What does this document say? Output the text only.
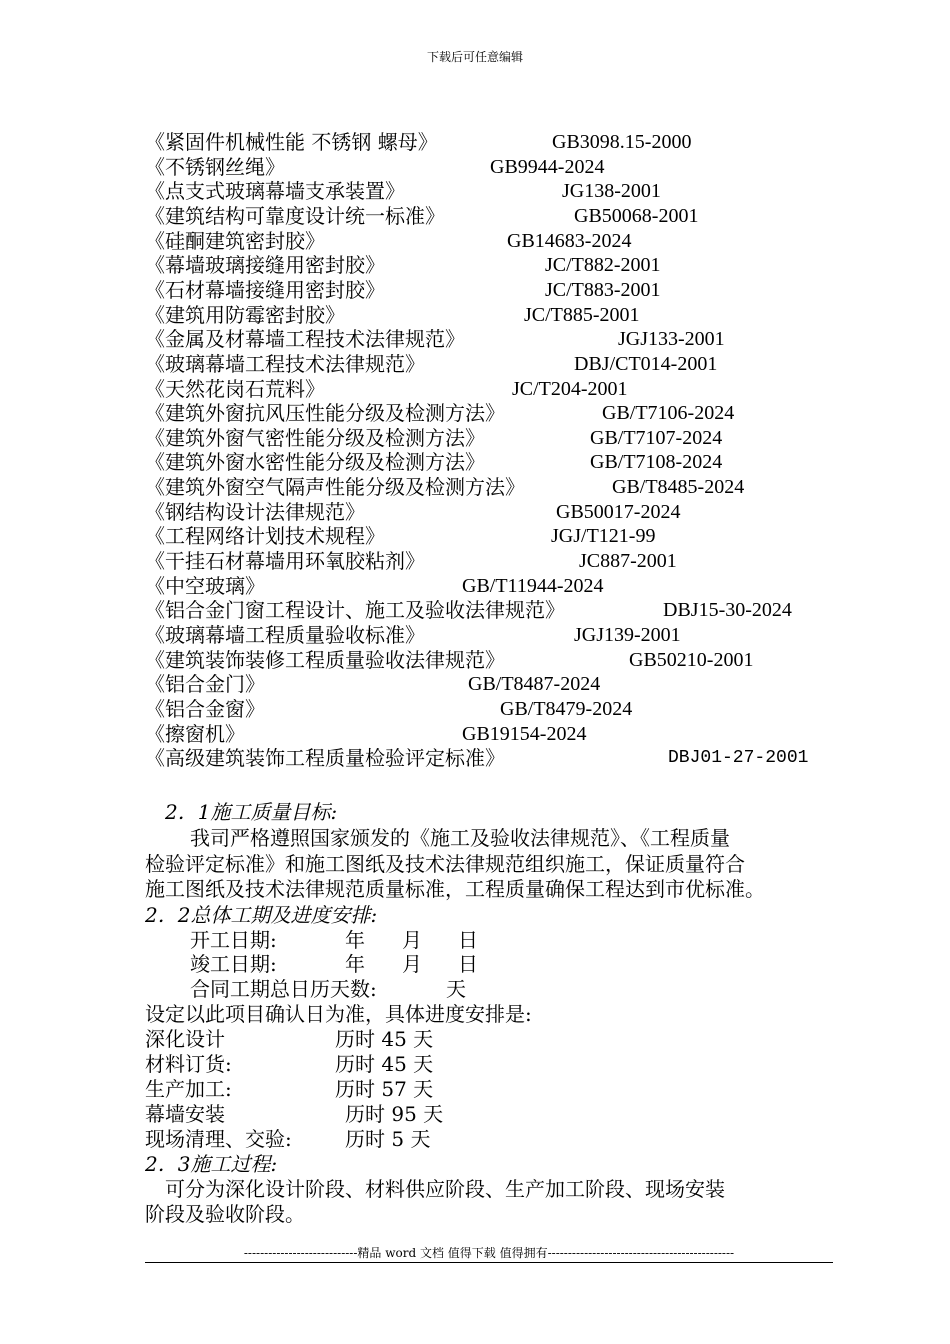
下载后可任意编辑
《紧固件机械性能 不锈钢 螺母》	GB3098.15-2000
《不锈钢丝绳》	GB9944-2024
《点支式玻璃幕墙支承装置》	JG138-2001
《建筑结构可靠度设计统一标准》	GB50068-2001
《硅酮建筑密封胶》	GB14683-2024
《幕墙玻璃接缝用密封胶》	JC/T882-2001
《石材幕墙接缝用密封胶》	JC/T883-2001
《建筑用防霉密封胶》	JC/T885-2001
《金属及材幕墙工程技术法律规范》	JGJ133-2001
《玻璃幕墙工程技术法律规范》	DBJ/CT014-2001
《天然花岗石荒料》	JC/T204-2001
《建筑外窗抗风压性能分级及检测方法》	GB/T7106-2024
《建筑外窗气密性能分级及检测方法》	GB/T7107-2024
《建筑外窗水密性能分级及检测方法》	GB/T7108-2024
《建筑外窗空气隔声性能分级及检测方法》	GB/T8485-2024
《钢结构设计法律规范》	GB50017-2024
《工程网络计划技术规程》	JGJ/T121-99
《干挂石材幕墙用环氧胶粘剂》	JC887-2001
《中空玻璃》	GB/T11944-2024
《铝合金门窗工程设计、施工及验收法律规范》	DBJ15-30-2024
《玻璃幕墙工程质量验收标准》	JGJ139-2001
《建筑装饰装修工程质量验收法律规范》	GB50210-2001
《铝合金门》	GB/T8487-2024
《铝合金窗》	GB/T8479-2024
《擦窗机》	GB19154-2024
《高级建筑装饰工程质量检验评定标准》	DBJ01-27-2001
2．1施工质量目标:
我司严格遵照国家颁发的《施工及验收法律规范》、《工程质量
检验评定标准》和施工图纸及技术法律规范组织施工，保证质量符合
施工图纸及技术法律规范质量标准，工程质量确保工程达到市优标准。
2．2总体工期及进度安排:
开工日期:	年 月 日
竣工日期:	年 月 日
合同工期总日历天数:	天
设定以此项目确认日为准，具体进度安排是:
深化设计	历时 45 天
材料订货:	历时 45 天
生产加工:	历时 57 天
幕墙安装	历时 95 天
现场清理、交验:	历时 5 天
2．3施工过程:
可分为深化设计阶段、材料供应阶段、生产加工阶段、现场安装
阶段及验收阶段。
----------------------------精品 word 文档 值得下载 值得拥有----------------------------------------------
